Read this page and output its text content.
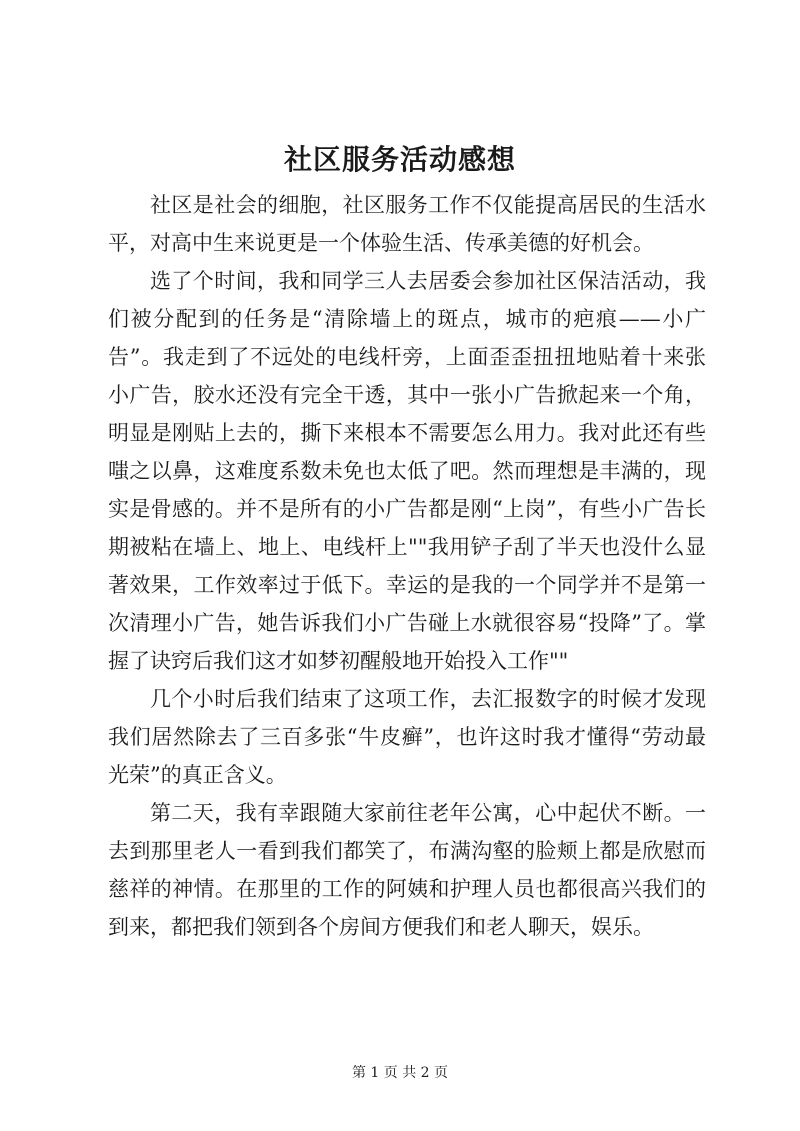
社区服务活动感想

社区是社会的细胞，社区服务工作不仅能提高居民的生活水平，对高中生来说更是一个体验生活、传承美德的好机会。

选了个时间，我和同学三人去居委会参加社区保洁活动，我们被分配到的任务是“清除墙上的斑点，城市的疤痕——小广告”。我走到了不远处的电线杆旁，上面歪歪扭扭地贴着十来张小广告，胶水还没有完全干透，其中一张小广告掀起来一个角，明显是刚贴上去的，撕下来根本不需要怎么用力。我对此还有些嗤之以鼻，这难度系数未免也太低了吧。然而理想是丰满的，现实是骨感的。并不是所有的小广告都是刚“上岗”，有些小广告长期被粘在墙上、地上、电线杆上""我用铲子刮了半天也没什么显著效果，工作效率过于低下。幸运的是我的一个同学并不是第一次清理小广告，她告诉我们小广告碰上水就很容易“投降”了。掌握了诀窍后我们这才如梦初醒般地开始投入工作""

几个小时后我们结束了这项工作，去汇报数字的时候才发现我们居然除去了三百多张“牛皮癣”，也许这时我才懂得“劳动最光荣”的真正含义。

第二天，我有幸跟随大家前往老年公寓，心中起伏不断。一去到那里老人一看到我们都笑了，布满沟壑的脸颊上都是欣慰而慈祥的神情。在那里的工作的阿姨和护理人员也都很高兴我们的到来，都把我们领到各个房间方便我们和老人聊天，娱乐。

第 1 页 共 2 页
